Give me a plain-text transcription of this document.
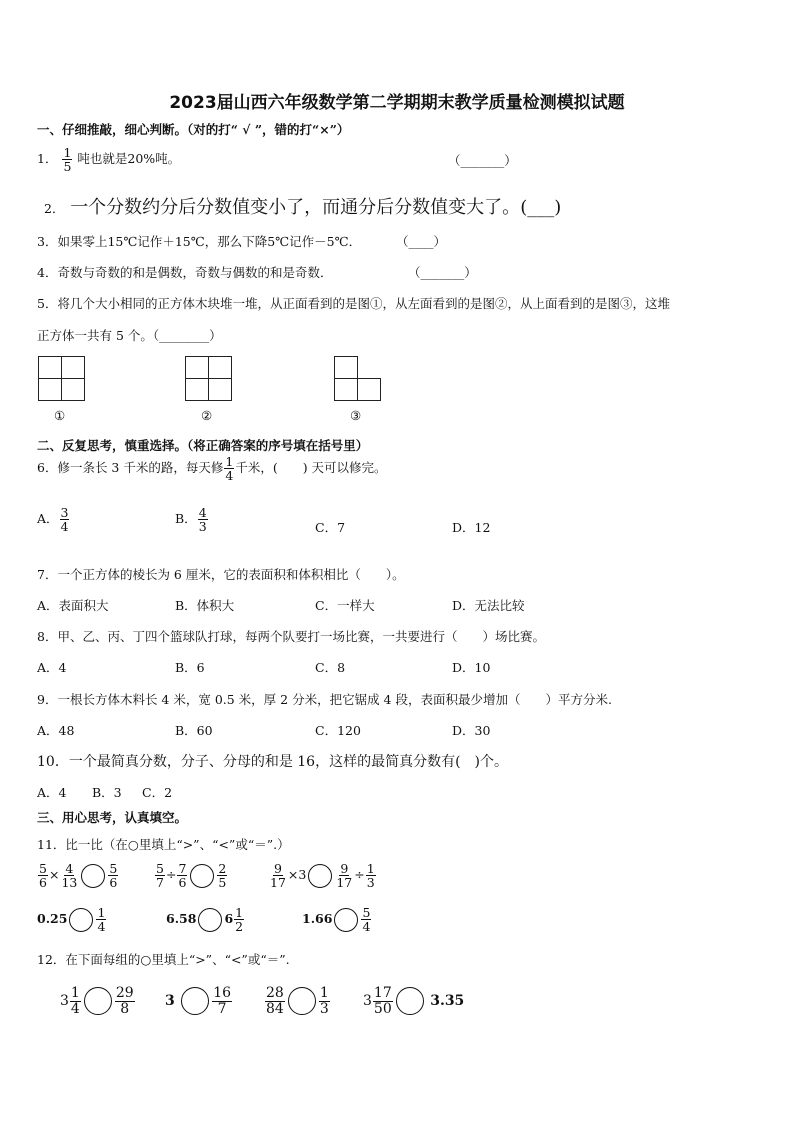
2023届山西六年级数学第二学期期末教学质量检测模拟试题
一、仔细推敲，细心判断。（对的打“ √ ”，错的打“×”）
1． $\frac{1}{5}$ 吨也就是20%吨。	（_______）
2． 一个分数约分后分数值变小了，而通分后分数值变大了。(___)
3．如果零上15℃记作＋15℃，那么下降5℃记作－5℃．	（____）
4．奇数与奇数的和是偶数，奇数与偶数的和是奇数．	（_______）
5．将几个大小相同的正方体木块堆一堆，从正面看到的是图①，从左面看到的是图②，从上面看到的是图③，这堆
正方体一共有 5 个。（________）
①	②	③
二、反复思考，慎重选择。（将正确答案的序号填在括号里）
6．修一条长 3 千米的路，每天修 $\frac{1}{4}$ 千米，(　　) 天可以修完。
A． $\frac{3}{4}$	B． $\frac{4}{3}$	C．7	D．12
7．一个正方体的棱长为 6 厘米，它的表面积和体积相比（　　）。
A．表面积大	B．体积大	C．一样大	D．无法比较
8．甲、乙、丙、丁四个篮球队打球，每两个队要打一场比赛，一共要进行（　　）场比赛。
A．4	B．6	C．8	D．10
9．一根长方体木料长 4 米，宽 0.5 米，厚 2 分米，把它锯成 4 段，表面积最少增加（　　）平方分米.
A．48	B．60	C．120	D．30
10．一个最简真分数，分子、分母的和是 16，这样的最简真分数有(　)个。
A．4 B．3 C．2
三、用心思考，认真填空。
11．比一比（在○里填上“>”、“<”或“＝”.）
$\frac{5}{6} \times \frac{4}{13} \frac{5}{6}$	$\frac{5}{7} \div \frac{7}{6} \frac{2}{5}$	$\frac{9}{17} \times 3 \frac{9}{17} \div \frac{1}{3}$
$0.25 \frac{1}{4}$	6.58 $6 \frac{1}{2}$	$1.66 \frac{5}{4}$
12．在下面每组的○里填上“>”、“<”或“＝”.
$3 \frac{1}{4} \frac{29}{8} 3$	$\frac{16}{7} \frac{28}{84} \frac{1}{3} 3 \frac{17}{50}$	3.35
